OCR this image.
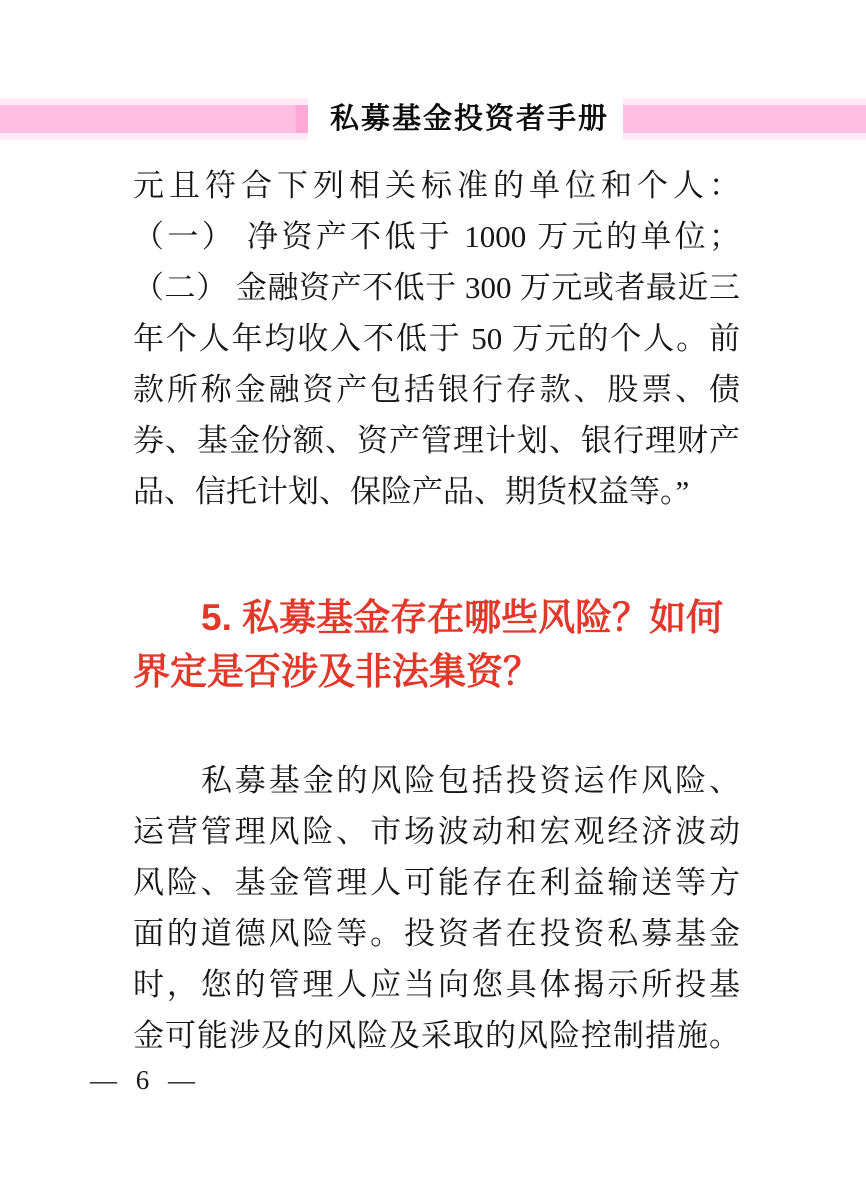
私募基金投资者手册
元且符合下列相关标准的单位和个人：
（一） 净资产不低于 1000 万元的单位；
（二） 金融资产不低于 300 万元或者最近三
年个人年均收入不低于 50 万元的个人。前
款所称金融资产包括银行存款、股票、债
券、基金份额、资产管理计划、银行理财产
品、信托计划、保险产品、期货权益等。”
5. 私募基金存在哪些风险？如何
界定是否涉及非法集资？
私募基金的风险包括投资运作风险、
运营管理风险、市场波动和宏观经济波动
风险、基金管理人可能存在利益输送等方
面的道德风险等。投资者在投资私募基金
时，您的管理人应当向您具体揭示所投基
金可能涉及的风险及采取的风险控制措施。
— 6 —
